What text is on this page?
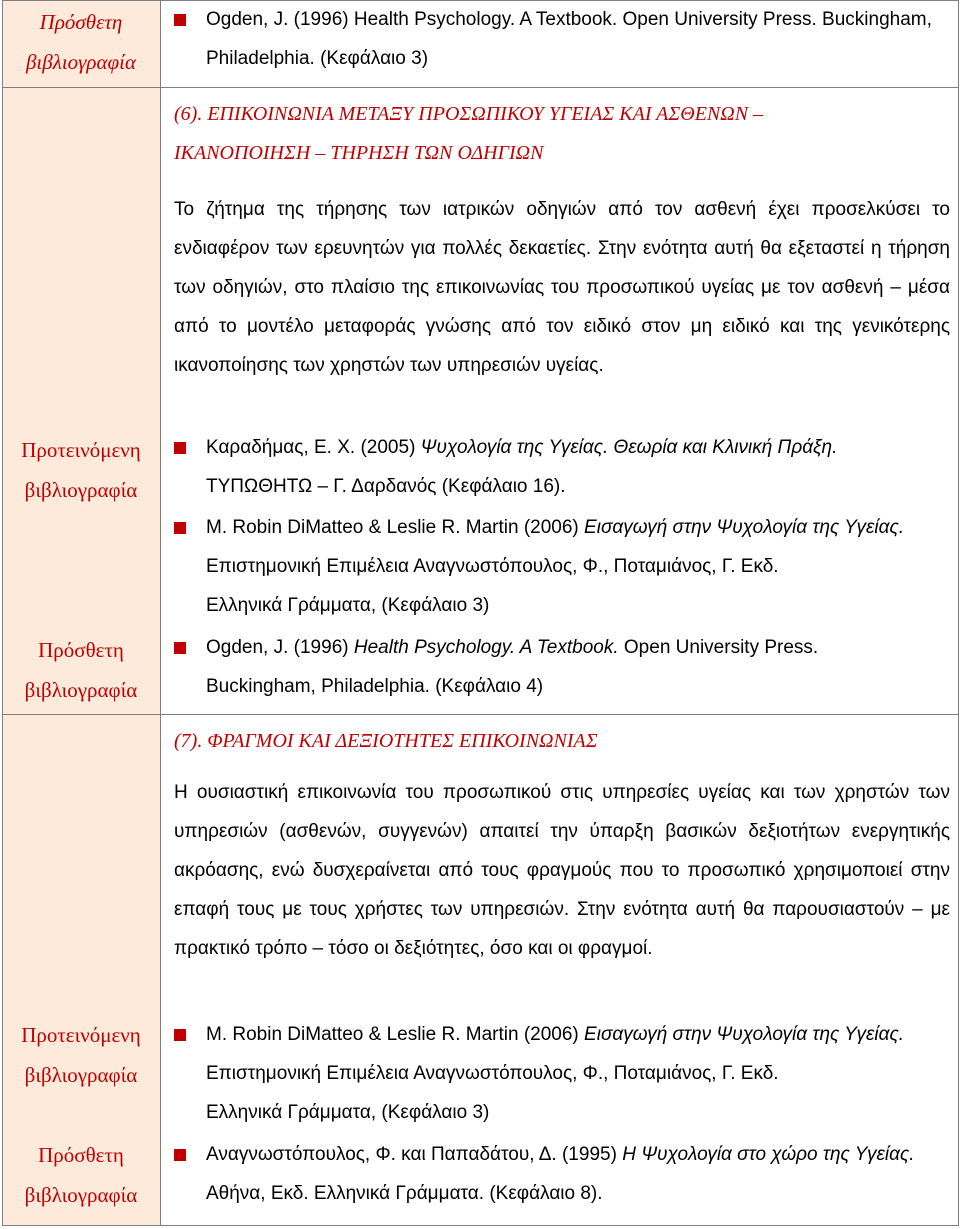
Πρόσθετη βιβλιογραφία
Ogden, J. (1996) Health Psychology. A Textbook. Open University Press. Buckingham, Philadelphia. (Κεφάλαιο 3)
(6). ΕΠΙΚΟΙΝΩΝΙΑ ΜΕΤΑΞΥ ΠΡΟΣΩΠΙΚΟΥ ΥΓΕΙΑΣ ΚΑΙ ΑΣΘΕΝΩΝ –
ΙΚΑΝΟΠΟΙΗΣΗ – ΤΗΡΗΣΗ ΤΩΝ ΟΔΗΓΙΩΝ
Το ζήτημα της τήρησης των ιατρικών οδηγιών από τον ασθενή έχει προσελκύσει το ενδιαφέρον των ερευνητών για πολλές δεκαετίες. Στην ενότητα αυτή θα εξεταστεί η τήρηση των οδηγιών, στο πλαίσιο της επικοινωνίας του προσωπικού υγείας με τον ασθενή – μέσα από το μοντέλο μεταφοράς γνώσης από τον ειδικό στον μη ειδικό και της γενικότερης ικανοποίησης των χρηστών των υπηρεσιών υγείας.
Προτεινόμενη βιβλιογραφία
Καραδήμας, Ε. Χ. (2005) Ψυχολογία της Υγείας. Θεωρία και Κλινική Πράξη.
ΤΥΠΩΘΗΤΩ – Γ. Δαρδανός (Κεφάλαιο 16).
Μ. Robin DiMatteo & Leslie R. Martin (2006) Εισαγωγή στην Ψυχολογία της Υγείας. Επιστημονική Επιμέλεια Αναγνωστόπουλος, Φ., Ποταμιάνος, Γ. Εκδ.
Ελληνικά Γράμματα, (Κεφάλαιο 3)
Πρόσθετη βιβλιογραφία
Ogden, J. (1996) Health Psychology. A Textbook. Open University Press.
Buckingham, Philadelphia. (Κεφάλαιο 4)
(7). ΦΡΑΓΜΟΙ ΚΑΙ ΔΕΞΙΟΤΗΤΕΣ ΕΠΙΚΟΙΝΩΝΙΑΣ
Η ουσιαστική επικοινωνία του προσωπικού στις υπηρεσίες υγείας και των χρηστών των υπηρεσιών (ασθενών, συγγενών) απαιτεί την ύπαρξη βασικών δεξιοτήτων ενεργητικής ακρόασης, ενώ δυσχεραίνεται από τους φραγμούς που το προσωπικό χρησιμοποιεί στην επαφή τους με τους χρήστες των υπηρεσιών. Στην ενότητα αυτή θα παρουσιαστούν – με πρακτικό τρόπο – τόσο οι δεξιότητες, όσο και οι φραγμοί.
Προτεινόμενη βιβλιογραφία
Μ. Robin DiMatteo & Leslie R. Martin (2006) Εισαγωγή στην Ψυχολογία της Υγείας. Επιστημονική Επιμέλεια Αναγνωστόπουλος, Φ., Ποταμιάνος, Γ. Εκδ.
Ελληνικά Γράμματα, (Κεφάλαιο 3)
Πρόσθετη βιβλιογραφία
Αναγνωστόπουλος, Φ. και Παπαδάτου, Δ. (1995) Η Ψυχολογία στο χώρο της Υγείας. Αθήνα, Εκδ. Ελληνικά Γράμματα. (Κεφάλαιο 8).
